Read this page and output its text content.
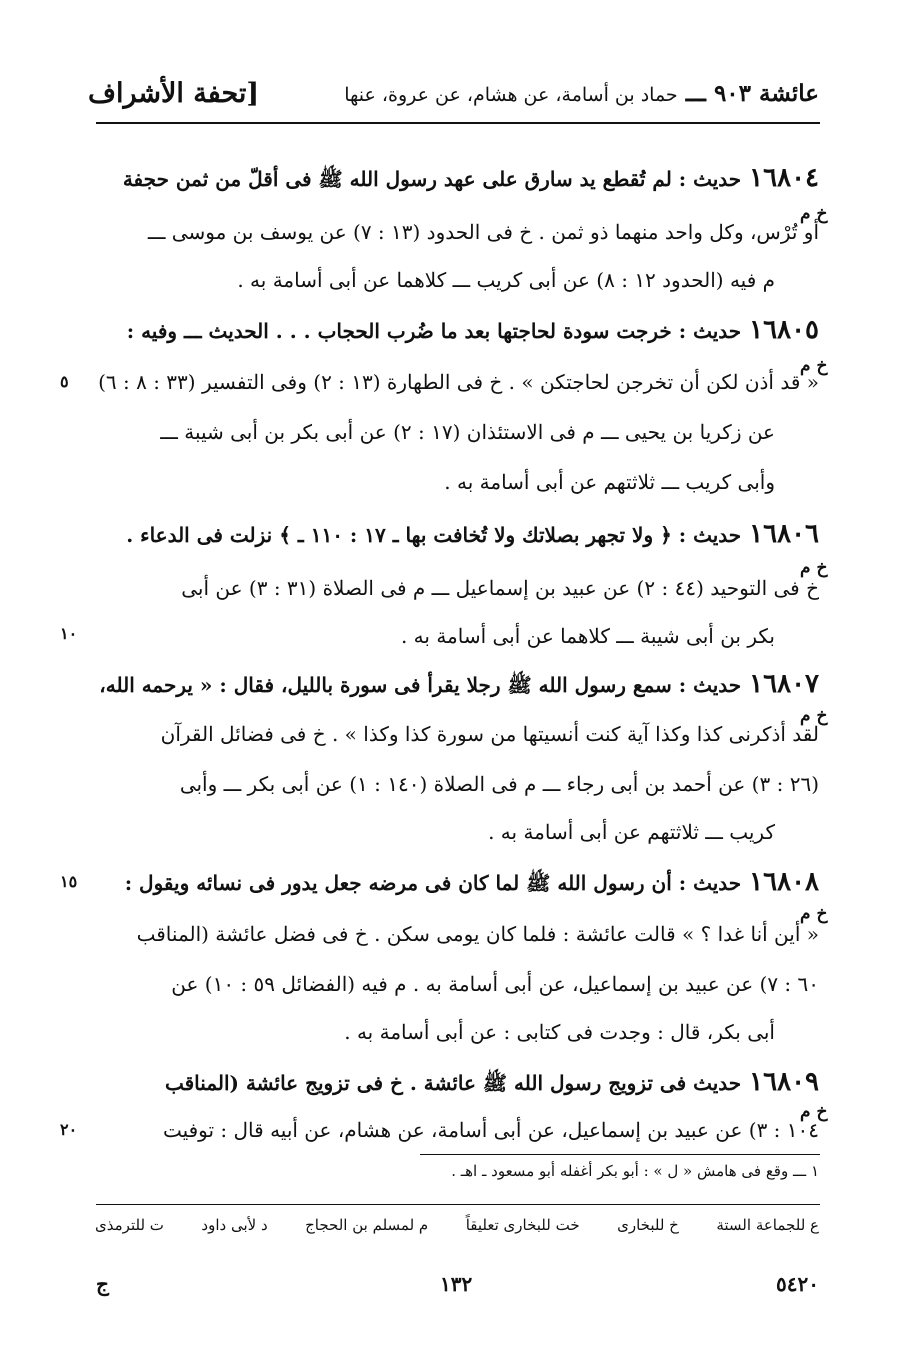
عائشة ٩٠٣ ـــ حماد بن أسامة، عن هشام، عن عروة، عنها
[تحفة الأشراف
١٦٨٠٤حديث : لم تُقطع يد سارق على عهد رسول الله ﷺ فى أقلّ من ثمن حجفة
خ م
أو تُرْس، وكل واحد منهما ذو ثمن . خ فى الحدود (١٣ : ٧) عن يوسف بن موسى ـــ
م فيه (الحدود ١٢ : ٨) عن أبى كريب ـــ كلاهما عن أبى أسامة به .
١٦٨٠٥حديث : خرجت سودة لحاجتها بعد ما ضُرب الحجاب . . . الحديث ـــ وفيه :
خ م
« قد أذن لكن أن تخرجن لحاجتكن » . خ فى الطهارة (١٣ : ٢) وفى التفسير (٣٣ : ٨ : ٦)
٥
عن زكريا بن يحيى ـــ م فى الاستئذان (١٧ : ٢) عن أبى بكر بن أبى شيبة ـــ
وأبى كريب ـــ ثلاثتهم عن أبى أسامة به .
١٦٨٠٦حديث : ﴿ ولا تجهر بصلاتك ولا تُخافت بها ـ ١٧ : ١١٠ ـ ﴾ نزلت فى الدعاء .
خ م
خ فى التوحيد (٤٤ : ٢) عن عبيد بن إسماعيل ـــ م فى الصلاة (٣١ : ٣) عن أبى
بكر بن أبى شيبة ـــ كلاهما عن أبى أسامة به .
١٠
١٦٨٠٧حديث : سمع رسول الله ﷺ رجلا يقرأ فى سورة بالليل، فقال : « يرحمه الله،
خ م
لقد أذكرنى كذا وكذا آية كنت أنسيتها من سورة كذا وكذا » . خ فى فضائل القرآن
(٢٦ : ٣) عن أحمد بن أبى رجاء ـــ م فى الصلاة (١٤٠ : ١) عن أبى بكر ـــ وأبى
كريب ـــ ثلاثتهم عن أبى أسامة به .
١٦٨٠٨حديث : أن رسول الله ﷺ لما كان فى مرضه جعل يدور فى نسائه ويقول :
١٥
خ م
« أين أنا غدا ؟ » قالت عائشة : فلما كان يومى سكن . خ فى فضل عائشة (المناقب
٦٠ : ٧) عن عبيد بن إسماعيل، عن أبى أسامة به . م فيه (الفضائل ٥٩ : ١٠) عن
أبى بكر، قال : وجدت فى كتابى : عن أبى أسامة به .
١٦٨٠٩حديث فى تزويج رسول الله ﷺ عائشة . خ فى تزويج عائشة (المناقب
خ م
١٠٤ : ٣) عن عبيد بن إسماعيل، عن أبى أسامة، عن هشام، عن أبيه قال : توفيت
٢٠
١ ـــ وقع فى هامش « ل » : أبو بكر أغفله أبو مسعود ـ اهـ .
ع للجماعة الستة
خ للبخارى
خت للبخارى تعليقاً
م لمسلم بن الحجاج
د لأبى داود
ت للترمذى
٥٤٢٠
١٣٢
ج
